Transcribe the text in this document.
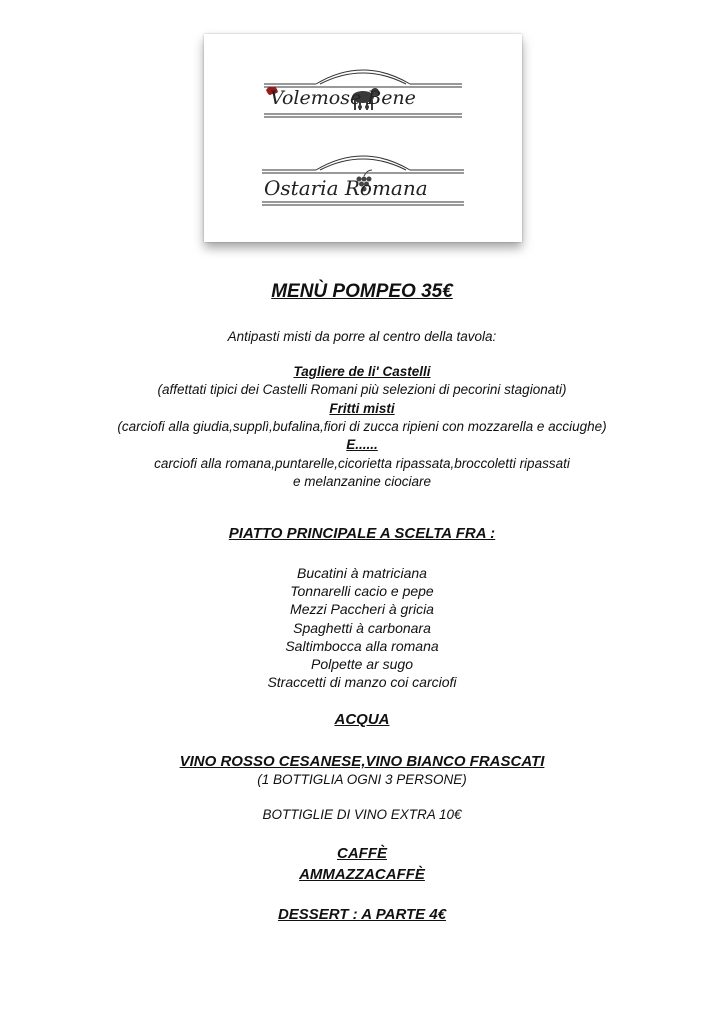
Volemose Bene
Ostaria Romana
MENÙ POMPEO 35€
Antipasti misti da porre al centro della tavola:
Tagliere de li' Castelli
(affettati tipici dei Castelli Romani più selezioni di pecorini stagionati)
Fritti misti
(carciofi alla giudia,supplì,bufalina,fiori di zucca ripieni con mozzarella e acciughe)
E......
carciofi alla romana,puntarelle,cicorietta ripassata,broccoletti ripassati
e melanzanine ciociare
PIATTO PRINCIPALE A SCELTA FRA :
Bucatini à matriciana
Tonnarelli cacio e pepe
Mezzi Paccheri à gricia
Spaghetti à carbonara
Saltimbocca alla romana
Polpette ar sugo
Straccetti di manzo coi carciofi
ACQUA
VINO ROSSO CESANESE,VINO BIANCO FRASCATI
(1 BOTTIGLIA OGNI 3 PERSONE)
BOTTIGLIE DI VINO EXTRA 10€
CAFFÈ
AMMAZZACAFFÈ
DESSERT : A PARTE 4€
